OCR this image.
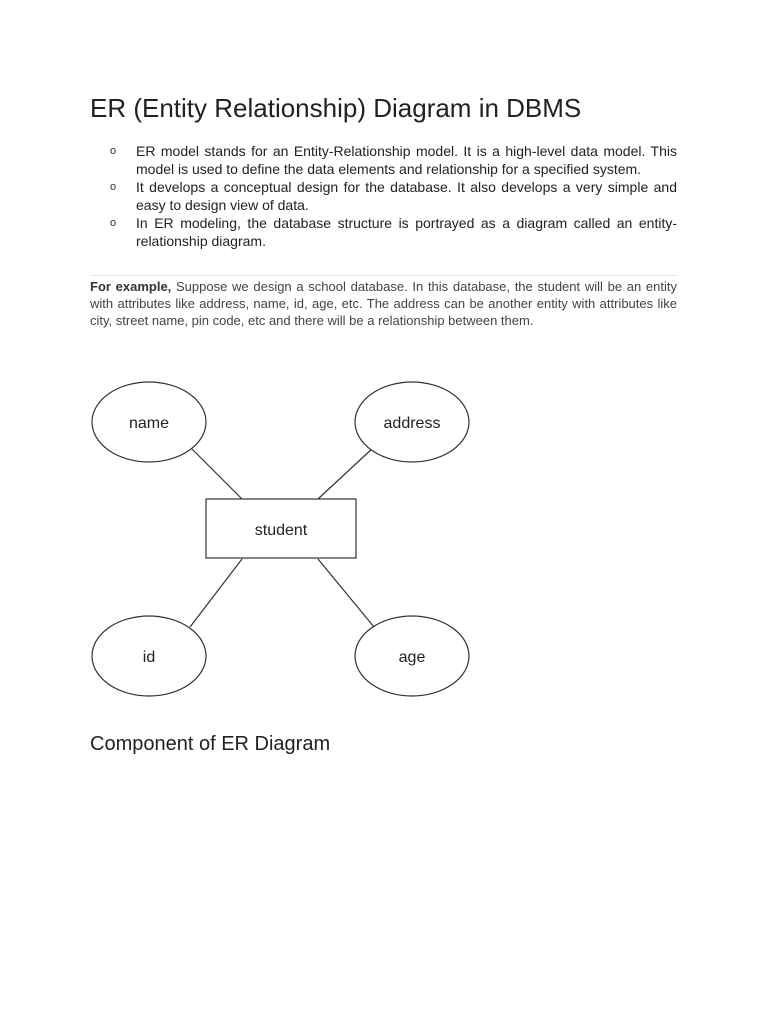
ER (Entity Relationship) Diagram in DBMS
o ER model stands for an Entity-Relationship model. It is a high-level data model. This model is used to define the data elements and relationship for a specified system.
o It develops a conceptual design for the database. It also develops a very simple and easy to design view of data.
o In ER modeling, the database structure is portrayed as a diagram called an entity-relationship diagram.

For example, Suppose we design a school database. In this database, the student will be an entity with attributes like address, name, id, age, etc. The address can be another entity with attributes like city, street name, pin code, etc and there will be a relationship between them.

name	address
student
id	age
Component of ER Diagram
